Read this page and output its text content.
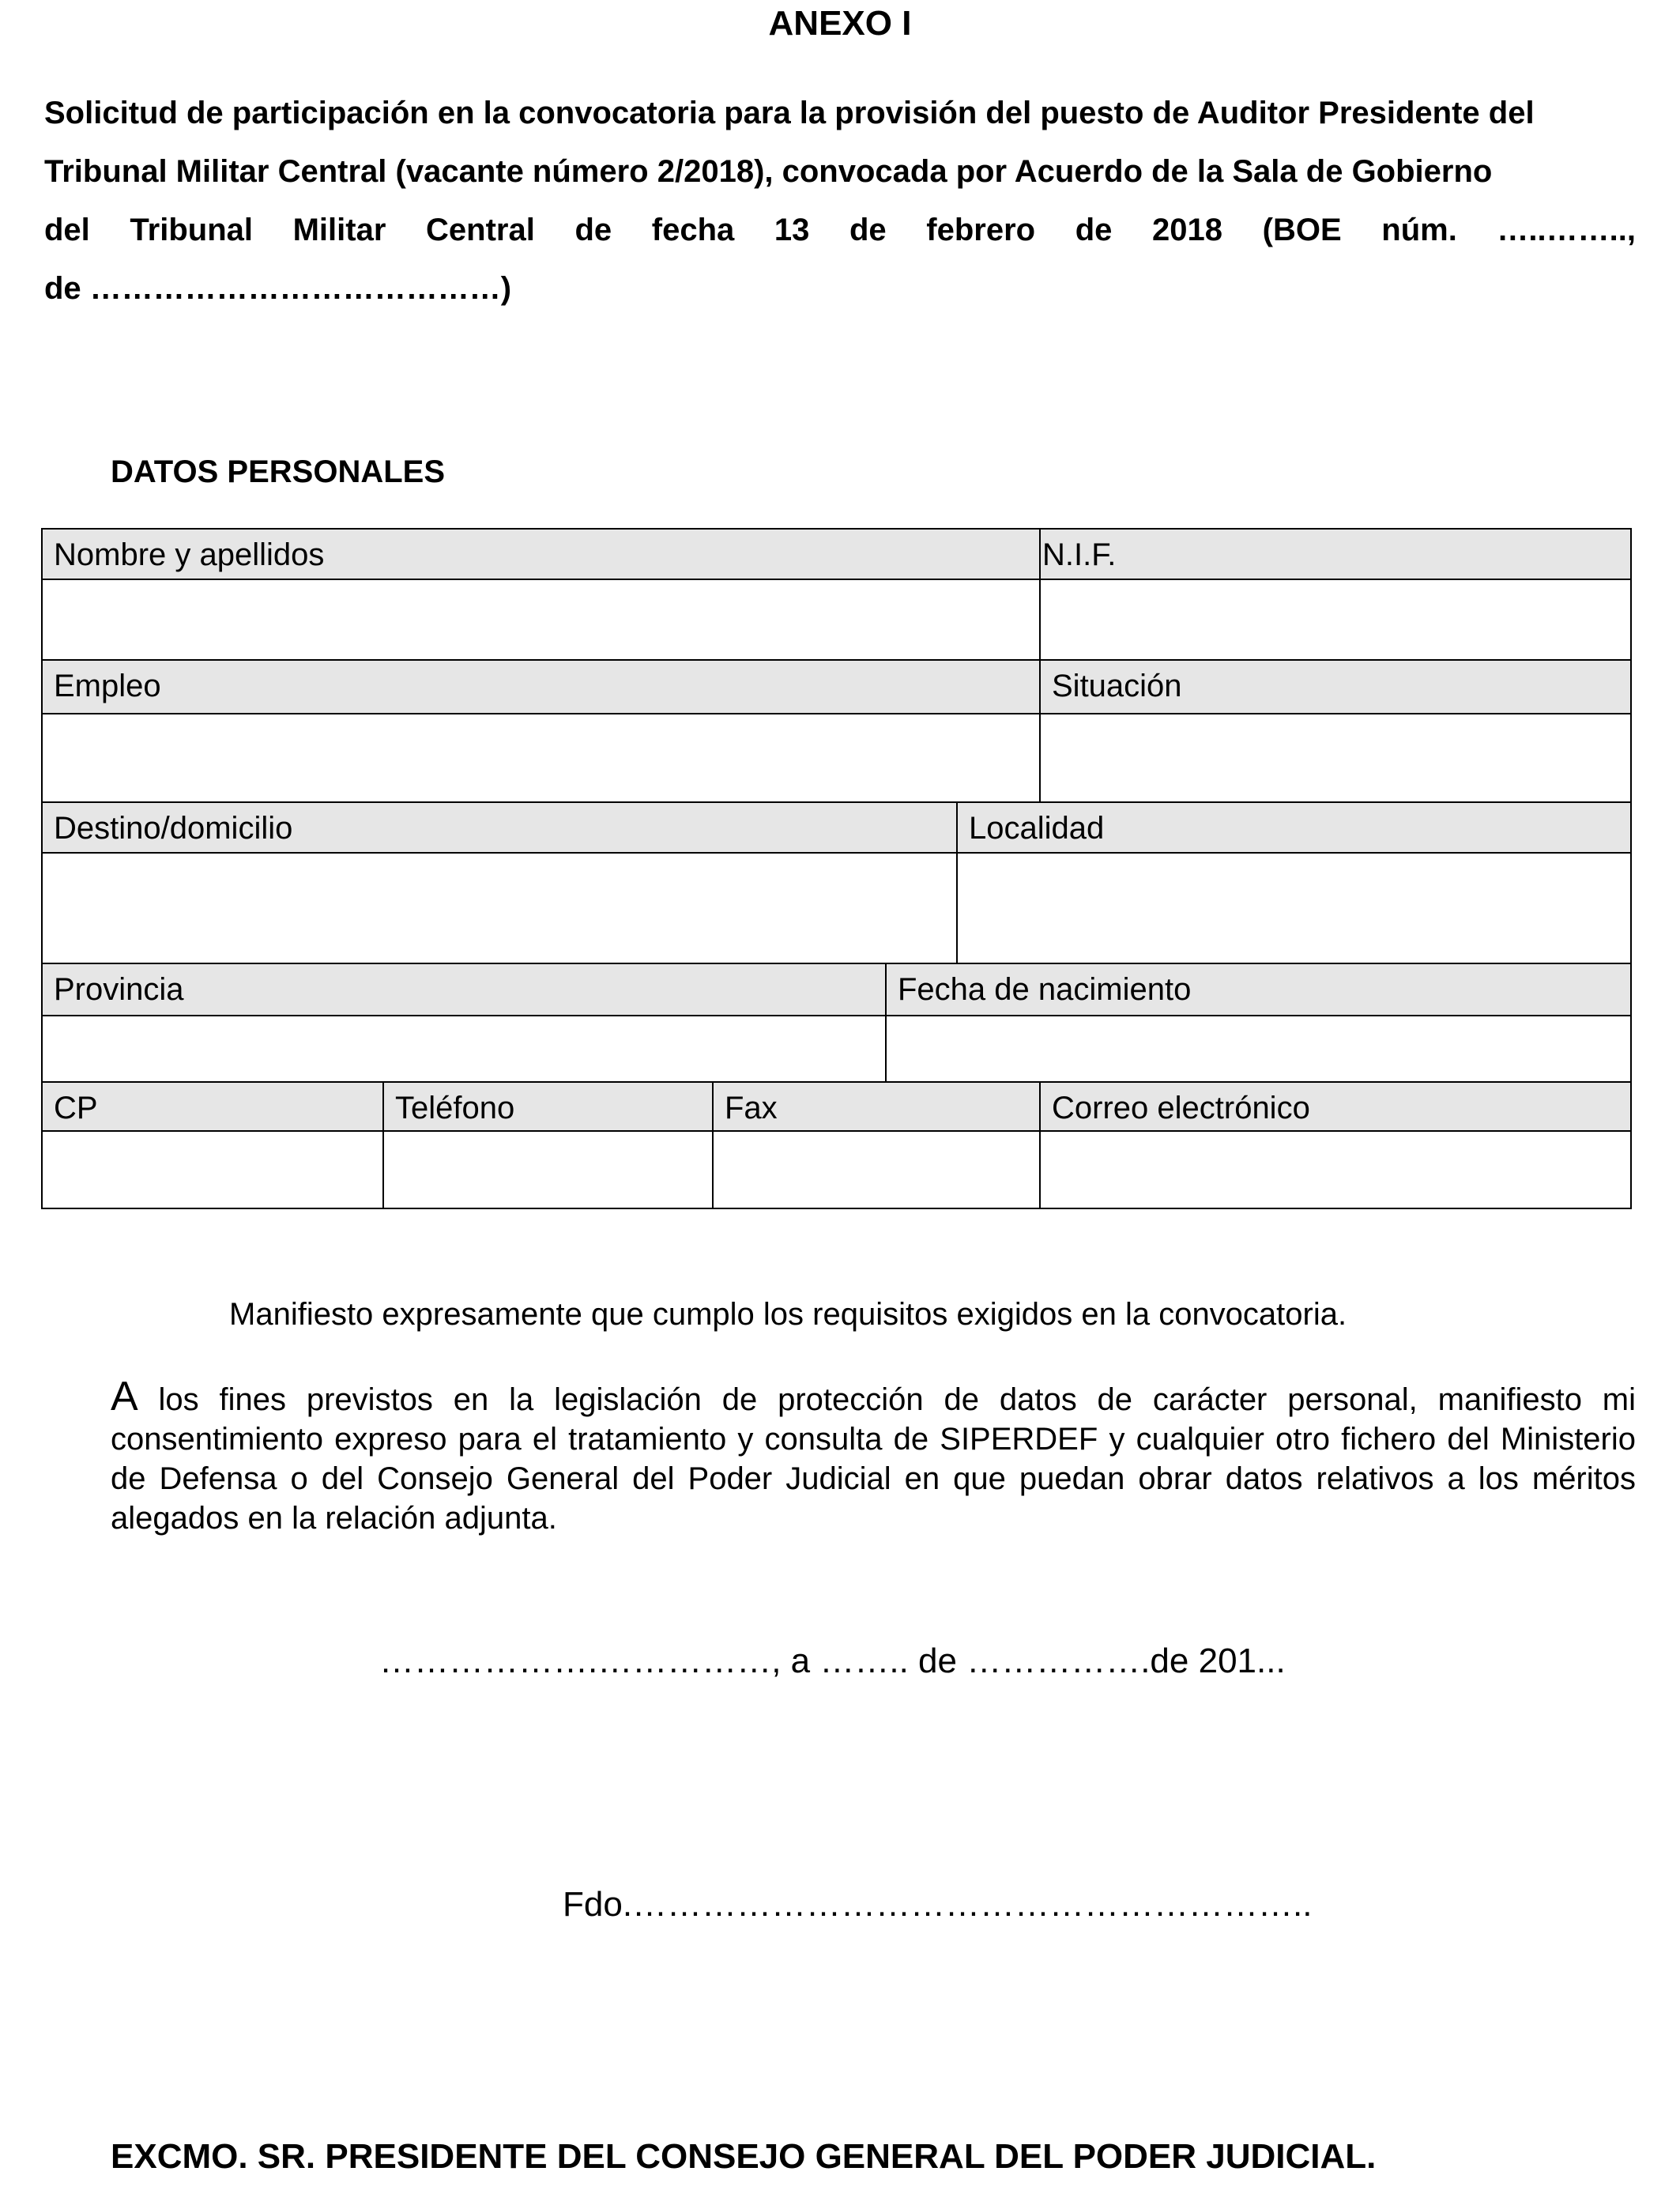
ANEXO I
Solicitud de participación en la convocatoria para la provisión del puesto de Auditor Presidente del
Tribunal Militar Central (vacante número 2/2018), convocada por Acuerdo de la Sala de Gobierno
del Tribunal Militar Central de fecha 13 de febrero de 2018 (BOE núm. …..……..,
de …………………………………)
DATOS PERSONALES
Nombre y apellidos	N.I.F.
Empleo	Situación
Destino/domicilio	Localidad
Provincia	Fecha de nacimiento
CP	Teléfono	Fax	Correo electrónico
Manifiesto expresamente que cumplo los requisitos exigidos en la convocatoria.
A los fines previstos en la legislación de protección de datos de carácter personal, manifiesto mi consentimiento expreso para el tratamiento y consulta de SIPERDEF y cualquier otro fichero del Ministerio de Defensa o del Consejo General del Poder Judicial en que puedan obrar datos relativos a los méritos alegados en la relación adjunta.
……………….……………, a …….. de …………….de 201...
Fdo.…………………………………………………..
EXCMO. SR. PRESIDENTE DEL CONSEJO GENERAL DEL PODER JUDICIAL.
